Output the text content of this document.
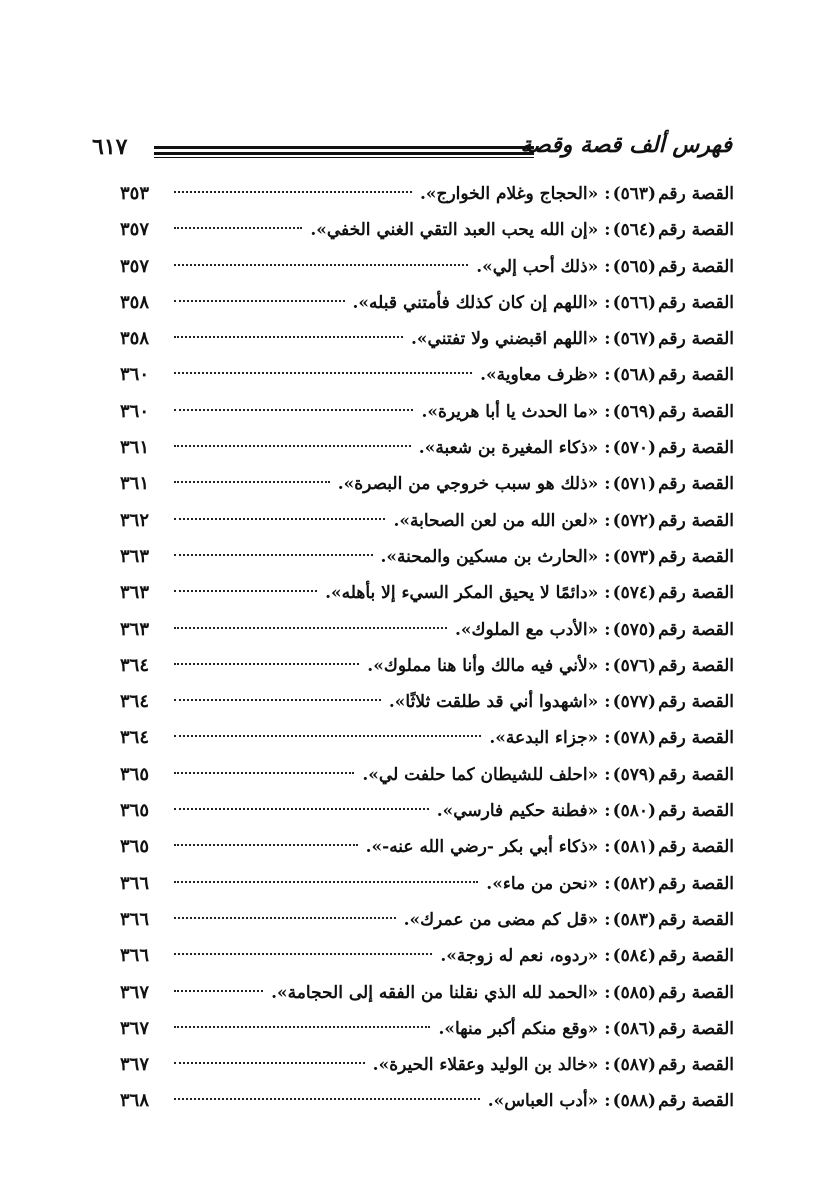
٦١٧	فهرس ألف قصة وقصة
القصة رقم
(٥٦٣)
:
«الحجاج وغلام الخوارج».
٣٥٣
القصة رقم
(٥٦٤)
:
«إن الله يحب العبد التقي الغني الخفي».
٣٥٧
القصة رقم
(٥٦٥)
:
«ذلك أحب إلي».
٣٥٧
القصة رقم
(٥٦٦)
:
«اللهم إن كان كذلك فأمتني قبله».
٣٥٨
القصة رقم
(٥٦٧)
:
«اللهم اقبضني ولا تفتني».
٣٥٨
القصة رقم
(٥٦٨)
:
«ظرف معاوية».
٣٦٠
القصة رقم
(٥٦٩)
:
«ما الحدث يا أبا هريرة».
٣٦٠
القصة رقم
(٥٧٠)
:
«ذكاء المغيرة بن شعبة».
٣٦١
القصة رقم
(٥٧١)
:
«ذلك هو سبب خروجي من البصرة».
٣٦١
القصة رقم
(٥٧٢)
:
«لعن الله من لعن الصحابة».
٣٦٢
القصة رقم
(٥٧٣)
:
«الحارث بن مسكين والمحنة».
٣٦٣
القصة رقم
(٥٧٤)
:
«دائمًا لا يحيق المكر السيء إلا بأهله».
٣٦٣
القصة رقم
(٥٧٥)
:
«الأدب مع الملوك».
٣٦٣
القصة رقم
(٥٧٦)
:
«لأني فيه مالك وأنا هنا مملوك».
٣٦٤
القصة رقم
(٥٧٧)
:
«اشهدوا أني قد طلقت ثلاثًا».
٣٦٤
القصة رقم
(٥٧٨)
:
«جزاء البدعة».
٣٦٤
القصة رقم
(٥٧٩)
:
«احلف للشيطان كما حلفت لي».
٣٦٥
القصة رقم
(٥٨٠)
:
«فطنة حكيم فارسي».
٣٦٥
القصة رقم
(٥٨١)
:
«ذكاء أبي بكر -رضي الله عنه-».
٣٦٥
القصة رقم
(٥٨٢)
:
«نحن من ماء».
٣٦٦
القصة رقم
(٥٨٣)
:
«قل كم مضى من عمرك».
٣٦٦
القصة رقم
(٥٨٤)
:
«ردوه، نعم له زوجة».
٣٦٦
القصة رقم
(٥٨٥)
:
«الحمد لله الذي نقلنا من الفقه إلى الحجامة».
٣٦٧
القصة رقم
(٥٨٦)
:
«وقع منكم أكبر منها».
٣٦٧
القصة رقم
(٥٨٧)
:
«خالد بن الوليد وعقلاء الحيرة».
٣٦٧
القصة رقم
(٥٨٨)
:
«أدب العباس».
٣٦٨
